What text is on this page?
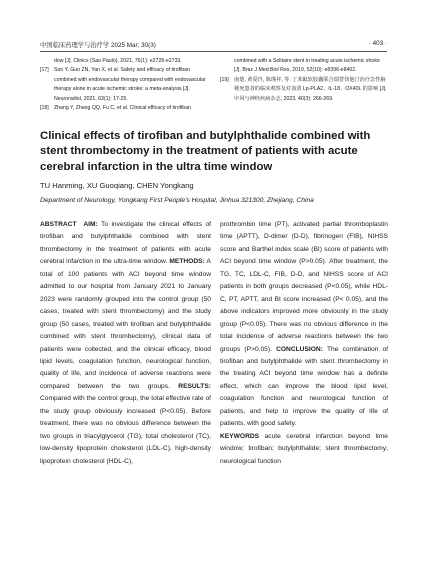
中国临床药理学与治疗学 2025 Mar; 30(3)	· 403 ·
dow [J]. Clinics (Sao Paulo), 2021, 76(1): e2728-e2733.
[17] Sun Y, Guo ZN, Yan X, et al. Safety and efficacy of tirofiban combined with endovascular therapy compared with endovascular therapy alone in acute ischemic stroke: a meta-analysis [J]. Neuroradiol, 2021, 63(1): 17-25.
[18] Zhang Y, Zhang QQ, Fu C, et al. Clinical efficacy of tirofiban
combined with a Solitaire stent in treating acute ischemic stroke [J]. Braz J Med Biol Res, 2019, 52(10): e8396-e8402.
[19] 南楚, 黄爱玲, 陈瑾祥, 等. 丁苯酞软胶囊联合瑞替伐他汀治疗急性脑梗死患者的临床观察及对血清 Lp-PLA2、IL-18、OX40L 的影响 [J]. 中风与神经疾病杂志, 2023, 40(3): 266-269.
Clinical effects of tirofiban and butylphthalide combined with stent thrombectomy in the treatment of patients with acute cerebral infarction in the ultra time window
TU Hanming, XU Guoqiang, CHEN Yongkang
Department of Neurology, Yongkang First People's Hospital, Jinhua 321300, Zhejiang, China

ABSTRACT AIM: To investigate the clinical effects of tirofiban and butylphthalide combined with stent thrombectomy in the treatment of patients with acute cerebral infarction in the ultra-time window. METHODS: A total of 100 patients with ACI beyond time window admitted to our hospital from January 2021 to January 2023 were randomly grouped into the control group (50 cases, treated with stent thrombectomy) and the study group (50 cases, treated with tirofiban and butylphthalide combined with stent thrombectomy), clinical data of patients were collected, and the clinical efficacy, blood lipid levels, coagulation function, neurological function, quality of life, and incidence of adverse reactions were compared between the two groups. RESULTS: Compared with the control group, the total effective rate of the study group obviously increased (P<0.05). Before treatment, there was no obvious difference between the two groups in triacylglycerol (TG), total cholesterol (TC), low-density lipoprotein cholesterol (LDL-C), high-density lipoprotein cholesterol (HDL-C),

prothrombin time (PT), activated partial thromboplastin time (APTT), D-dimer (D-D), fibrinogen (FIB), NIHSS score and Barthel index scale (BI) score of patients with ACI beyond time window (P>0.05). After treatment, the TG, TC, LDL-C, FIB, D-D, and NIHSS score of ACI patients in both groups decreased (P<0.05), while HDL-C, PT, APTT, and BI score increased (P< 0.05), and the above indicators improved more obviously in the study group (P<0.05). There was no obvious difference in the total incidence of adverse reactions between the two groups (P>0.05). CONCLUSION: The combination of tirofiban and butylphthalide with stent thrombectomy in the treating ACI beyond time window has a definite effect, which can improve the blood lipid level, coagulation function and neurological function of patients, and help to improve the quality of life of patients, with good safety.

KEYWORDS acute cerebral infarction beyond time window; tirofiban; butylphthalide; stent thrombectomy; neurological function
